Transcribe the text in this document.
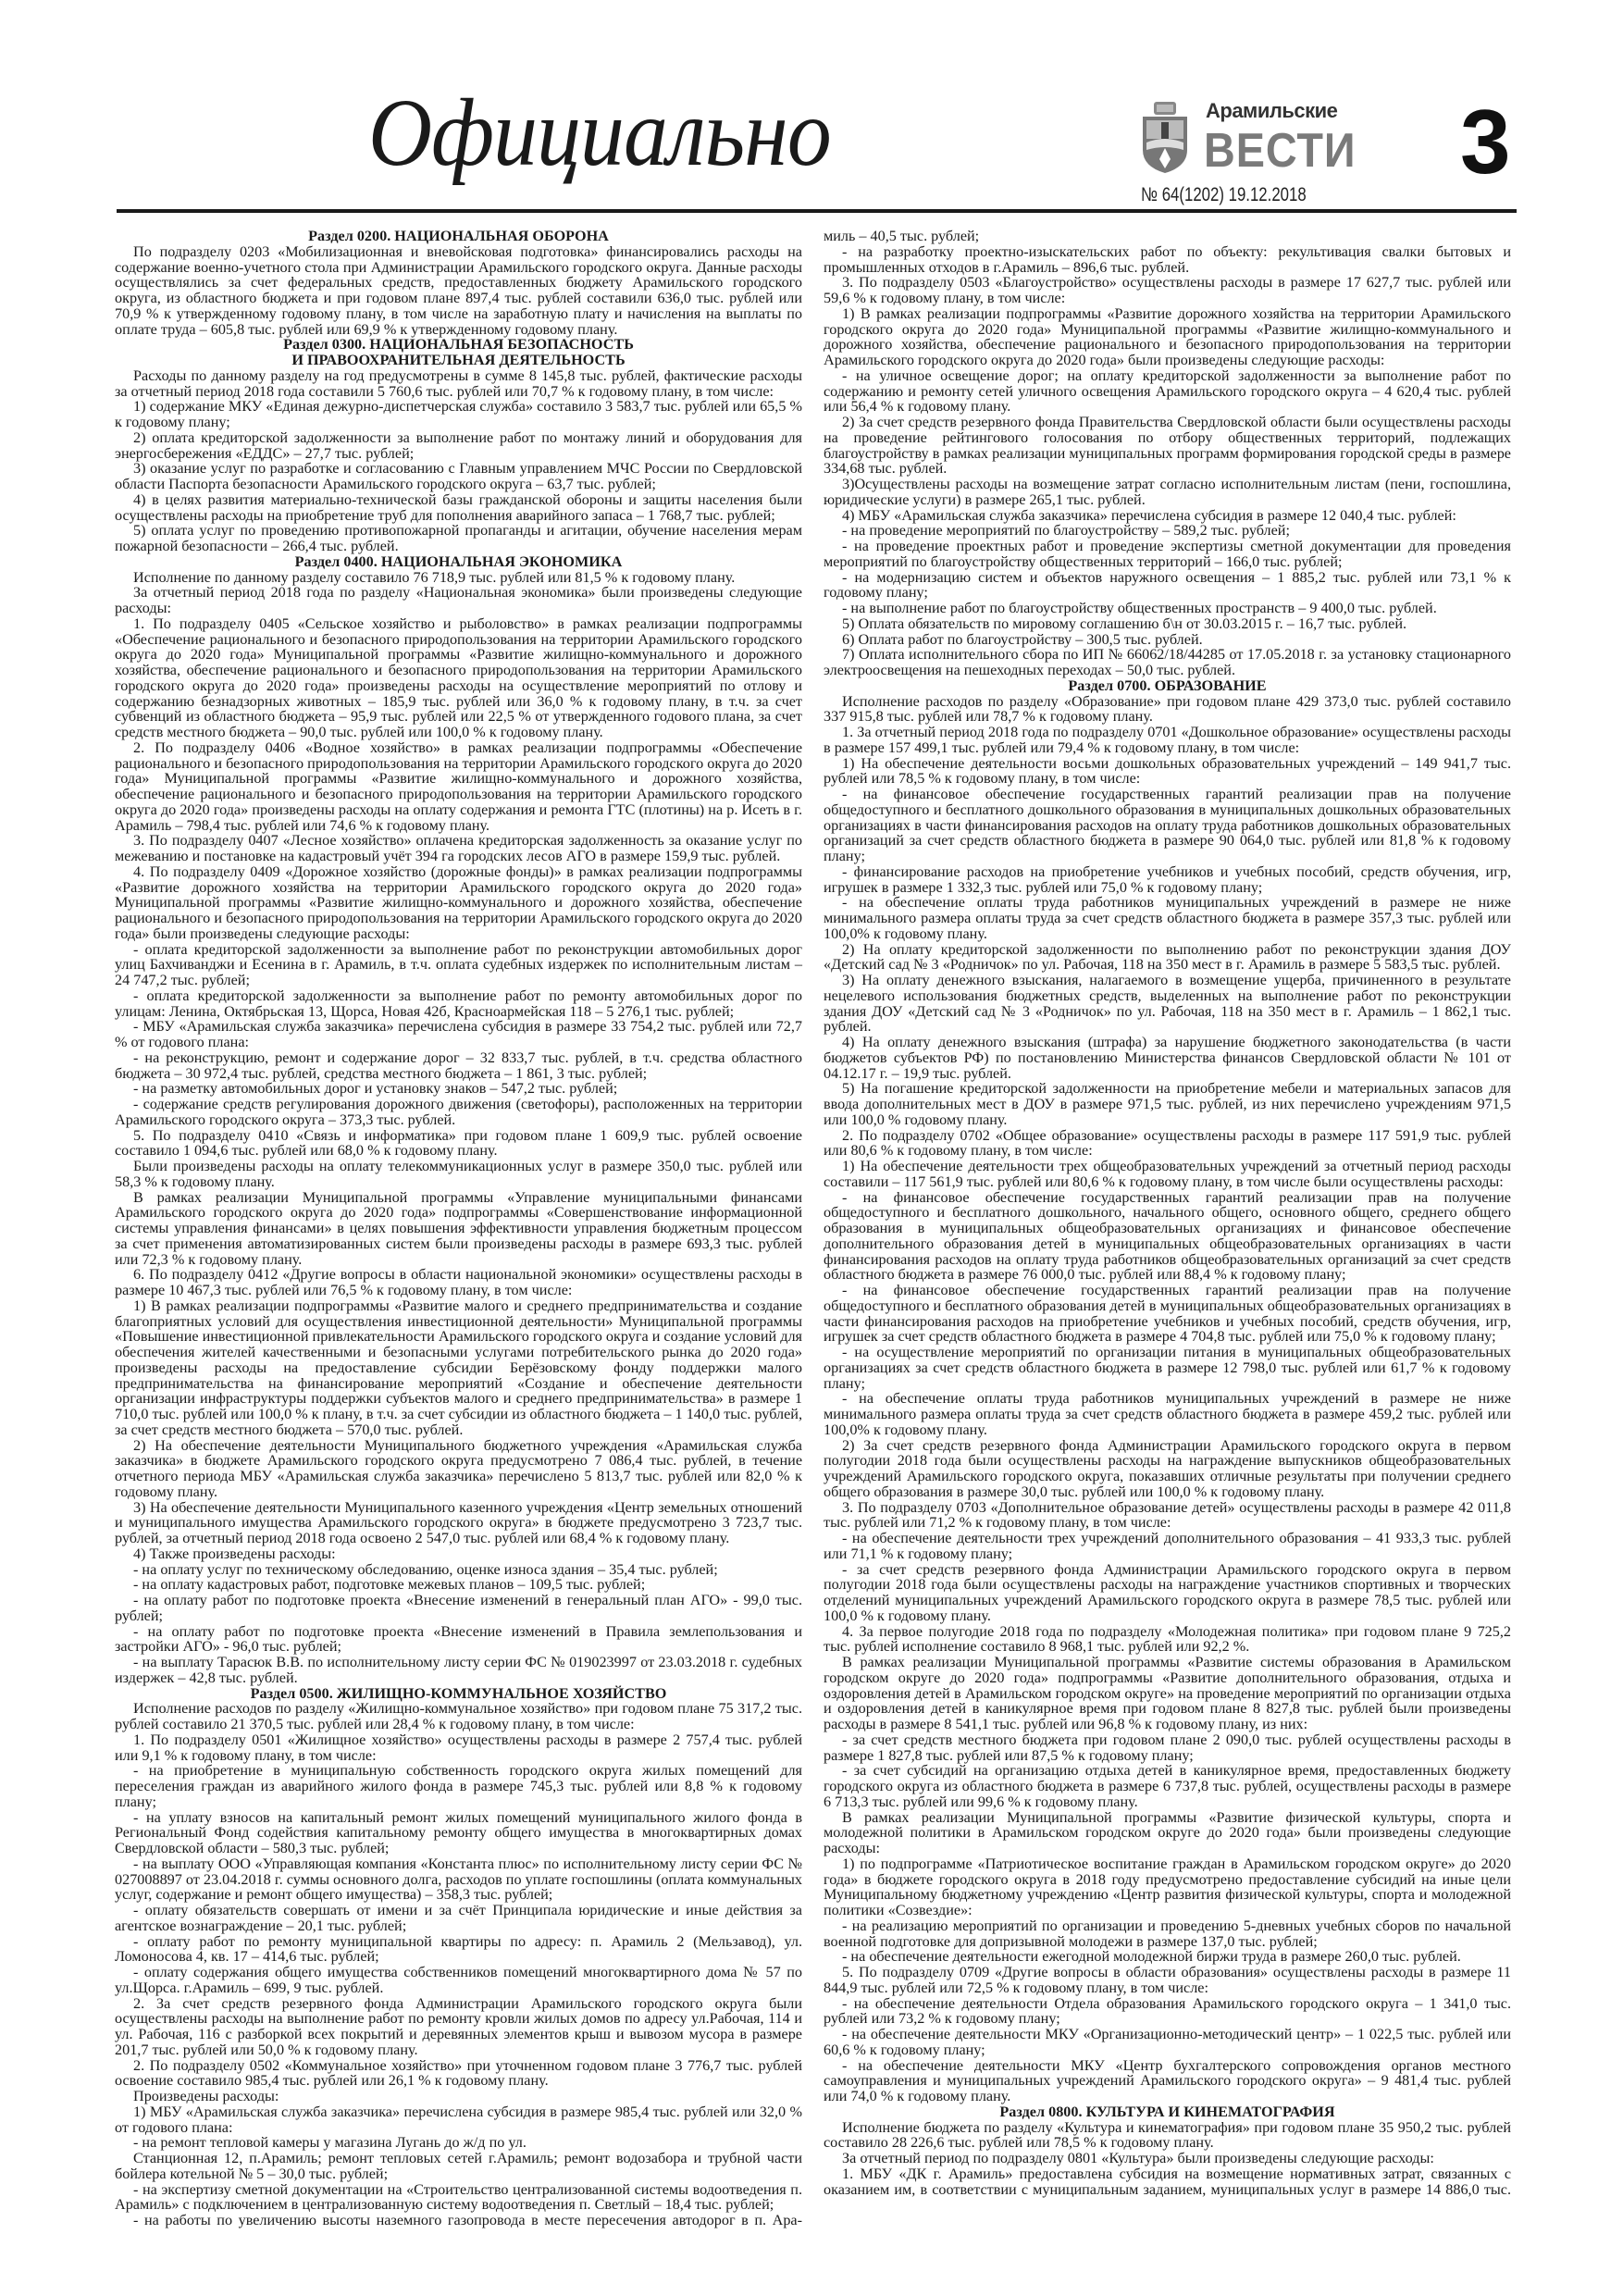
Официально	Арамильские
ВЕСТИ
№ 64(1202) 19.12.2018
3
Раздел 0200. НАЦИОНАЛЬНАЯ ОБОРОНА

По подразделу 0203 «Мобилизационная и вневойсковая подготовка» финансировались расходы на содержание военно-учетного стола при Администрации Арамильского городского округа. Данные расходы осуществлялись за счет федеральных средств, предоставленных бюджету Арамильского городского округа, из областного бюджета и при годовом плане 897,4 тыс. рублей составили 636,0 тыс. рублей или 70,9 % к утвержденному годовому плану, в том числе на заработную плату и начисления на выплаты по оплате труда – 605,8 тыс. рублей или 69,9 % к утвержденному годовому плану.

Раздел 0300. НАЦИОНАЛЬНАЯ БЕЗОПАСНОСТЬ
И ПРАВООХРАНИТЕЛЬНАЯ ДЕЯТЕЛЬНОСТЬ

Расходы по данному разделу на год предусмотрены в сумме 8 145,8 тыс. рублей, фактические расходы за отчетный период 2018 года составили 5 760,6 тыс. рублей или 70,7 % к годовому плану, в том числе:

1) содержание МКУ «Единая дежурно-диспетчерская служба» составило 3 583,7 тыс. рублей или 65,5 % к годовому плану;

2) оплата кредиторской задолженности за выполнение работ по монтажу линий и оборудования для энергосбережения «ЕДДС» – 27,7 тыс. рублей;

3) оказание услуг по разработке и согласованию с Главным управлением МЧС России по Свердловской области Паспорта безопасности Арамильского городского округа – 63,7 тыс. рублей;

4) в целях развития материально-технической базы гражданской обороны и защиты населения были осуществлены расходы на приобретение труб для пополнения аварийного запаса – 1 768,7 тыс. рублей;

5) оплата услуг по проведению противопожарной пропаганды и агитации, обучение населения мерам пожарной безопасности – 266,4 тыс. рублей.

Раздел 0400. НАЦИОНАЛЬНАЯ ЭКОНОМИКА

Исполнение по данному разделу составило 76 718,9 тыс. рублей или 81,5 % к годовому плану.

За отчетный период 2018 года по разделу «Национальная экономика» были произведены следующие расходы:

1. По подразделу 0405 «Сельское хозяйство и рыболовство» в рамках реализации подпрограммы «Обеспечение рационального и безопасного природопользования на территории Арамильского городского округа до 2020 года» Муниципальной программы «Развитие жилищно-коммунального и дорожного хозяйства, обеспечение рационального и безопасного природопользования на территории Арамильского городского округа до 2020 года» произведены расходы на осуществление мероприятий по отлову и содержанию безнадзорных животных – 185,9 тыс. рублей или 36,0 % к годовому плану, в т.ч. за счет субвенций из областного бюджета – 95,9 тыс. рублей или 22,5 % от утвержденного годового плана, за счет средств местного бюджета – 90,0 тыс. рублей или 100,0 % к годовому плану.

2. По подразделу 0406 «Водное хозяйство» в рамках реализации подпрограммы «Обеспечение рационального и безопасного природопользования на территории Арамильского городского округа до 2020 года» Муниципальной программы «Развитие жилищно-коммунального и дорожного хозяйства, обеспечение рационального и безопасного природопользования на территории Арамильского городского округа до 2020 года» произведены расходы на оплату содержания и ремонта ГТС (плотины) на р. Исеть в г. Арамиль – 798,4 тыс. рублей или 74,6 % к годовому плану.

3. По подразделу 0407 «Лесное хозяйство» оплачена кредиторская задолженность за оказание услуг по межеванию и постановке на кадастровый учёт 394 га городских лесов АГО в размере 159,9 тыс. рублей.

4. По подразделу 0409 «Дорожное хозяйство (дорожные фонды)» в рамках реализации подпрограммы «Развитие дорожного хозяйства на территории Арамильского городского округа до 2020 года» Муниципальной программы «Развитие жилищно-коммунального и дорожного хозяйства, обеспечение рационального и безопасного природопользования на территории Арамильского городского округа до 2020 года» были произведены следующие расходы:

- оплата кредиторской задолженности за выполнение работ по реконструкции автомобильных дорог улиц Бахчиванджи и Есенина в г. Арамиль, в т.ч. оплата судебных издержек по исполнительным листам – 24 747,2 тыс. рублей;

- оплата кредиторской задолженности за выполнение работ по ремонту автомобильных дорог по улицам: Ленина, Октябрьская 13, Щорса, Новая 42б, Красноармейская 118 – 5 276,1 тыс. рублей;

- МБУ «Арамильская служба заказчика» перечислена субсидия в размере 33 754,2 тыс. рублей или 72,7 % от годового плана:

- на реконструкцию, ремонт и содержание дорог – 32 833,7 тыс. рублей, в т.ч. средства областного бюджета – 30 972,4 тыс. рублей, средства местного бюджета – 1 861, 3 тыс. рублей;

- на разметку автомобильных дорог и установку знаков – 547,2 тыс. рублей;

- содержание средств регулирования дорожного движения (светофоры), расположенных на территории Арамильского городского округа – 373,3 тыс. рублей.

5. По подразделу 0410 «Связь и информатика» при годовом плане 1 609,9 тыс. рублей освоение составило 1 094,6 тыс. рублей или 68,0 % к годовому плану.

Были произведены расходы на оплату телекоммуникационных услуг в размере 350,0 тыс. рублей или 58,3 % к годовому плану.

В рамках реализации Муниципальной программы «Управление муниципальными финансами Арамильского городского округа до 2020 года» подпрограммы «Совершенствование информационной системы управления финансами» в целях повышения эффективности управления бюджетным процессом за счет применения автоматизированных систем были произведены расходы в размере 693,3 тыс. рублей или 72,3 % к годовому плану.

6. По подразделу 0412 «Другие вопросы в области национальной экономики» осуществлены расходы в размере 10 467,3 тыс. рублей или 76,5 % к годовому плану, в том числе:

1) В рамках реализации подпрограммы «Развитие малого и среднего предпринимательства и создание благоприятных условий для осуществления инвестиционной деятельности» Муниципальной программы «Повышение инвестиционной привлекательности Арамильского городского округа и создание условий для обеспечения жителей качественными и безопасными услугами потребительского рынка до 2020 года» произведены расходы на предоставление субсидии Берёзовскому фонду поддержки малого предпринимательства на финансирование мероприятий «Создание и обеспечение деятельности организации инфраструктуры поддержки субъектов малого и среднего предпринимательства» в размере 1 710,0 тыс. рублей или 100,0 % к плану, в т.ч. за счет субсидии из областного бюджета – 1 140,0 тыс. рублей, за счет средств местного бюджета – 570,0 тыс. рублей.

2) На обеспечение деятельности Муниципального бюджетного учреждения «Арамильская служба заказчика» в бюджете Арамильского городского округа предусмотрено 7 086,4 тыс. рублей, в течение отчетного периода МБУ «Арамильская служба заказчика» перечислено 5 813,7 тыс. рублей или 82,0 % к годовому плану.

3) На обеспечение деятельности Муниципального казенного учреждения «Центр земельных отношений и муниципального имущества Арамильского городского округа» в бюджете предусмотрено 3 723,7 тыс. рублей, за отчетный период 2018 года освоено 2 547,0 тыс. рублей или 68,4 % к годовому плану.

4) Также произведены расходы:

- на оплату услуг по техническому обследованию, оценке износа здания – 35,4 тыс. рублей;

- на оплату кадастровых работ, подготовке межевых планов – 109,5 тыс. рублей;

- на оплату работ по подготовке проекта «Внесение изменений в генеральный план АГО» - 99,0 тыс. рублей;

- на оплату работ по подготовке проекта «Внесение изменений в Правила землепользования и застройки АГО» - 96,0 тыс. рублей;

- на выплату Тарасюк В.В. по исполнительному листу серии ФС № 019023997 от 23.03.2018 г. судебных издержек – 42,8 тыс. рублей.

Раздел 0500. ЖИЛИЩНО-КОММУНАЛЬНОЕ ХОЗЯЙСТВО

Исполнение расходов по разделу «Жилищно-коммунальное хозяйство» при годовом плане 75 317,2 тыс. рублей составило 21 370,5 тыс. рублей или 28,4 % к годовому плану, в том числе:

1. По подразделу 0501 «Жилищное хозяйство» осуществлены расходы в размере 2 757,4 тыс. рублей или 9,1 % к годовому плану, в том числе:

- на приобретение в муниципальную собственность городского округа жилых помещений для переселения граждан из аварийного жилого фонда в размере 745,3 тыс. рублей или 8,8 % к годовому плану;

- на уплату взносов на капитальный ремонт жилых помещений муниципального жилого фонда в Региональный Фонд содействия капитальному ремонту общего имущества в многоквартирных домах Свердловской области – 580,3 тыс. рублей;

- на выплату ООО «Управляющая компания «Константа плюс» по исполнительному листу серии ФС № 027008897 от 23.04.2018 г. суммы основного долга, расходов по уплате госпошлины (оплата коммунальных услуг, содержание и ремонт общего имущества) – 358,3 тыс. рублей;

- оплату обязательств совершать от имени и за счёт Принципала юридические и иные действия за агентское вознаграждение – 20,1 тыс. рублей;

- оплату работ по ремонту муниципальной квартиры по адресу: п. Арамиль 2 (Мельзавод), ул. Ломоносова 4, кв. 17 – 414,6 тыс. рублей;

- оплату содержания общего имущества собственников помещений многоквартирного дома № 57 по ул.Щорса. г.Арамиль – 699, 9 тыс. рублей.

2. За счет средств резервного фонда Администрации Арамильского городского округа были осуществлены расходы на выполнение работ по ремонту кровли жилых домов по адресу ул.Рабочая, 114 и ул. Рабочая, 116 с разборкой всех покрытий и деревянных элементов крыш и вывозом мусора в размере 201,7 тыс. рублей или 50,0 % к годовому плану.

2. По подразделу 0502 «Коммунальное хозяйство» при уточненном годовом плане 3 776,7 тыс. рублей освоение составило 985,4 тыс. рублей или 26,1 % к годовому плану.

Произведены расходы:

1) МБУ «Арамильская служба заказчика» перечислена субсидия в размере 985,4 тыс. рублей или 32,0 % от годового плана:

- на ремонт тепловой камеры у магазина Лугань до ж/д по ул.

Станционная 12, п.Арамиль; ремонт тепловых сетей г.Арамиль; ремонт водозабора и трубной части бойлера котельной № 5 – 30,0 тыс. рублей;

- на экспертизу сметной документации на «Строительство централизованной системы водоотведения п. Арамиль» с подключением в централизованную систему водоотведения п. Светлый – 18,4 тыс. рублей;

- на работы по увеличению высоты наземного газопровода в месте пересечения автодорог в п. Ара-

миль – 40,5 тыс. рублей;

- на разработку проектно-изыскательских работ по объекту: рекультивация свалки бытовых и промышленных отходов в г.Арамиль – 896,6 тыс. рублей.

3. По подразделу 0503 «Благоустройство» осуществлены расходы в размере 17 627,7 тыс. рублей или 59,6 % к годовому плану, в том числе:

1) В рамках реализации подпрограммы «Развитие дорожного хозяйства на территории Арамильского городского округа до 2020 года» Муниципальной программы «Развитие жилищно-коммунального и дорожного хозяйства, обеспечение рационального и безопасного природопользования на территории Арамильского городского округа до 2020 года» были произведены следующие расходы:

- на уличное освещение дорог; на оплату кредиторской задолженности за выполнение работ по содержанию и ремонту сетей уличного освещения Арамильского городского округа – 4 620,4 тыс. рублей или 56,4 % к годовому плану.

2) За счет средств резервного фонда Правительства Свердловской области были осуществлены расходы на проведение рейтингового голосования по отбору общественных территорий, подлежащих благоустройству в рамках реализации муниципальных программ формирования городской среды в размере 334,68 тыс. рублей.

3)Осуществлены расходы на возмещение затрат согласно исполнительным листам (пени, госпошлина, юридические услуги) в размере 265,1 тыс. рублей.

4) МБУ «Арамильская служба заказчика» перечислена субсидия в размере 12 040,4 тыс. рублей:

- на проведение мероприятий по благоустройству – 589,2 тыс. рублей;

- на проведение проектных работ и проведение экспертизы сметной документации для проведения мероприятий по благоустройству общественных территорий – 166,0 тыс. рублей;

- на модернизацию систем и объектов наружного освещения – 1 885,2 тыс. рублей или 73,1 % к годовому плану;

- на выполнение работ по благоустройству общественных пространств – 9 400,0 тыс. рублей.

5) Оплата обязательств по мировому соглашению б\н от 30.03.2015 г. – 16,7 тыс. рублей.

6) Оплата работ по благоустройству – 300,5 тыс. рублей.

7) Оплата исполнительного сбора по ИП № 66062/18/44285 от 17.05.2018 г. за установку стационарного электроосвещения на пешеходных переходах – 50,0 тыс. рублей.

Раздел 0700. ОБРАЗОВАНИЕ

Исполнение расходов по разделу «Образование» при годовом плане 429 373,0 тыс. рублей составило 337 915,8 тыс. рублей или 78,7 % к годовому плану.

1. За отчетный период 2018 года по подразделу 0701 «Дошкольное образование» осуществлены расходы в размере 157 499,1 тыс. рублей или 79,4 % к годовому плану, в том числе:

1) На обеспечение деятельности восьми дошкольных образовательных учреждений – 149 941,7 тыс. рублей или 78,5 % к годовому плану, в том числе:

- на финансовое обеспечение государственных гарантий реализации прав на получение общедоступного и бесплатного дошкольного образования в муниципальных дошкольных образовательных организациях в части финансирования расходов на оплату труда работников дошкольных образовательных организаций за счет средств областного бюджета в размере 90 064,0 тыс. рублей или 81,8 % к годовому плану;

- финансирование расходов на приобретение учебников и учебных пособий, средств обучения, игр, игрушек в размере 1 332,3 тыс. рублей или 75,0 % к годовому плану;

- на обеспечение оплаты труда работников муниципальных учреждений в размере не ниже минимального размера оплаты труда за счет средств областного бюджета в размере 357,3 тыс. рублей или 100,0% к годовому плану.

2) На оплату кредиторской задолженности по выполнению работ по реконструкции здания ДОУ «Детский сад № 3 «Родничок» по ул. Рабочая, 118 на 350 мест в г. Арамиль в размере 5 583,5 тыс. рублей.

3) На оплату денежного взыскания, налагаемого в возмещение ущерба, причиненного в результате нецелевого использования бюджетных средств, выделенных на выполнение работ по реконструкции здания ДОУ «Детский сад № 3 «Родничок» по ул. Рабочая, 118 на 350 мест в г. Арамиль – 1 862,1 тыс. рублей.

4) На оплату денежного взыскания (штрафа) за нарушение бюджетного законодательства (в части бюджетов субъектов РФ) по постановлению Министерства финансов Свердловской области № 101 от 04.12.17 г. – 19,9 тыс. рублей.

5) На погашение кредиторской задолженности на приобретение мебели и материальных запасов для ввода дополнительных мест в ДОУ в размере 971,5 тыс. рублей, из них перечислено учреждениям 971,5 или 100,0 % годовому плану.

2. По подразделу 0702 «Общее образование» осуществлены расходы в размере 117 591,9 тыс. рублей или 80,6 % к годовому плану, в том числе:

1) На обеспечение деятельности трех общеобразовательных учреждений за отчетный период расходы составили – 117 561,9 тыс. рублей или 80,6 % к годовому плану, в том числе были осуществлены расходы:

- на финансовое обеспечение государственных гарантий реализации прав на получение общедоступного и бесплатного дошкольного, начального общего, основного общего, среднего общего образования в муниципальных общеобразовательных организациях и финансовое обеспечение дополнительного образования детей в муниципальных общеобразовательных организациях в части финансирования расходов на оплату труда работников общеобразовательных организаций за счет средств областного бюджета в размере 76 000,0 тыс. рублей или 88,4 % к годовому плану;

- на финансовое обеспечение государственных гарантий реализации прав на получение общедоступного и бесплатного образования детей в муниципальных общеобразовательных организациях в части финансирования расходов на приобретение учебников и учебных пособий, средств обучения, игр, игрушек за счет средств областного бюджета в размере 4 704,8 тыс. рублей или 75,0 % к годовому плану;

- на осуществление мероприятий по организации питания в муниципальных общеобразовательных организациях за счет средств областного бюджета в размере 12 798,0 тыс. рублей или 61,7 % к годовому плану;

- на обеспечение оплаты труда работников муниципальных учреждений в размере не ниже минимального размера оплаты труда за счет средств областного бюджета в размере 459,2 тыс. рублей или 100,0% к годовому плану.

2) За счет средств резервного фонда Администрации Арамильского городского округа в первом полугодии 2018 года были осуществлены расходы на награждение выпускников общеобразовательных учреждений Арамильского городского округа, показавших отличные результаты при получении среднего общего образования в размере 30,0 тыс. рублей или 100,0 % к годовому плану.

3. По подразделу 0703 «Дополнительное образование детей» осуществлены расходы в размере 42 011,8 тыс. рублей или 71,2 % к годовому плану, в том числе:

- на обеспечение деятельности трех учреждений дополнительного образования – 41 933,3 тыс. рублей или 71,1 % к годовому плану;

- за счет средств резервного фонда Администрации Арамильского городского округа в первом полугодии 2018 года были осуществлены расходы на награждение участников спортивных и творческих отделений муниципальных учреждений Арамильского городского округа в размере 78,5 тыс. рублей или 100,0 % к годовому плану.

4. За первое полугодие 2018 года по подразделу «Молодежная политика» при годовом плане 9 725,2 тыс. рублей исполнение составило 8 968,1 тыс. рублей или 92,2 %.

В рамках реализации Муниципальной программы «Развитие системы образования в Арамильском городском округе до 2020 года» подпрограммы «Развитие дополнительного образования, отдыха и оздоровления детей в Арамильском городском округе» на проведение мероприятий по организации отдыха и оздоровления детей в каникулярное время при годовом плане 8 827,8 тыс. рублей были произведены расходы в размере 8 541,1 тыс. рублей или 96,8 % к годовому плану, из них:

- за счет средств местного бюджета при годовом плане 2 090,0 тыс. рублей осуществлены расходы в размере 1 827,8 тыс. рублей или 87,5 % к годовому плану;

- за счет субсидий на организацию отдыха детей в каникулярное время, предоставленных бюджету городского округа из областного бюджета в размере 6 737,8 тыс. рублей, осуществлены расходы в размере 6 713,3 тыс. рублей или 99,6 % к годовому плану.

В рамках реализации Муниципальной программы «Развитие физической культуры, спорта и молодежной политики в Арамильском городском округе до 2020 года» были произведены следующие расходы:

1) по подпрограмме «Патриотическое воспитание граждан в Арамильском городском округе» до 2020 года» в бюджете городского округа в 2018 году предусмотрено предоставление субсидий на иные цели Муниципальному бюджетному учреждению «Центр развития физической культуры, спорта и молодежной политики «Созвездие»:

- на реализацию мероприятий по организации и проведению 5-дневных учебных сборов по начальной военной подготовке для допризывной молодежи в размере 137,0 тыс. рублей;

- на обеспечение деятельности ежегодной молодежной биржи труда в размере 260,0 тыс. рублей.

5. По подразделу 0709 «Другие вопросы в области образования» осуществлены расходы в размере 11 844,9 тыс. рублей или 72,5 % к годовому плану, в том числе:

- на обеспечение деятельности Отдела образования Арамильского городского округа – 1 341,0 тыс. рублей или 73,2 % к годовому плану;

- на обеспечение деятельности МКУ «Организационно-методический центр» – 1 022,5 тыс. рублей или 60,6 % к годовому плану;

- на обеспечение деятельности МКУ «Центр бухгалтерского сопровождения органов местного самоуправления и муниципальных учреждений Арамильского городского округа» – 9 481,4 тыс. рублей или 74,0 % к годовому плану.

Раздел 0800. КУЛЬТУРА И КИНЕМАТОГРАФИЯ

Исполнение бюджета по разделу «Культура и кинематография» при годовом плане 35 950,2 тыс. рублей составило 28 226,6 тыс. рублей или 78,5 % к годовому плану.

За отчетный период по подразделу 0801 «Культура» были произведены следующие расходы:

1. МБУ «ДК г. Арамиль» предоставлена субсидия на возмещение нормативных затрат, связанных с оказанием им, в соответствии с муниципальным заданием, муниципальных услуг в размере 14 886,0 тыс.
